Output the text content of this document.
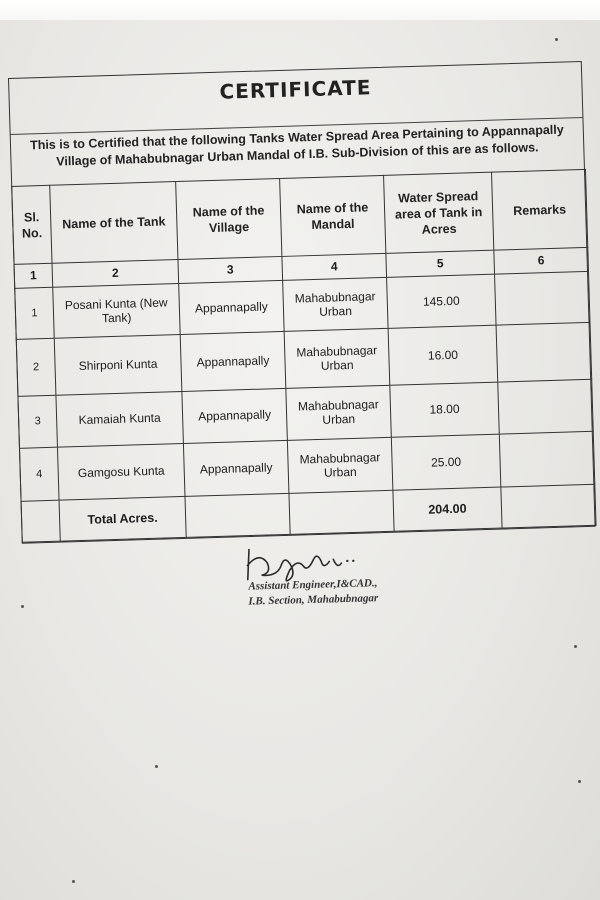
CERTIFICATE
This is to Certified that the following Tanks Water Spread Area Pertaining to Appannapally Village of Mahabubnagar Urban Mandal of I.B. Sub-Division of this are as follows.
Sl. No.	Name of the Tank	Name of the Village	Name of the Mandal	Water Spread area of Tank in Acres	Remarks
1	2	3	4	5	6
1	Posani Kunta (New Tank)	Appannapally	Mahabubnagar Urban	145.00	
2	Shirponi Kunta	Appannapally	Mahabubnagar Urban	16.00	
3	Kamaiah Kunta	Appannapally	Mahabubnagar Urban	18.00	
4	Gamgosu Kunta	Appannapally	Mahabubnagar Urban	25.00	
	Total Acres.			204.00	
Assistant Engineer,I&CAD.,
I.B. Section, Mahabubnagar
